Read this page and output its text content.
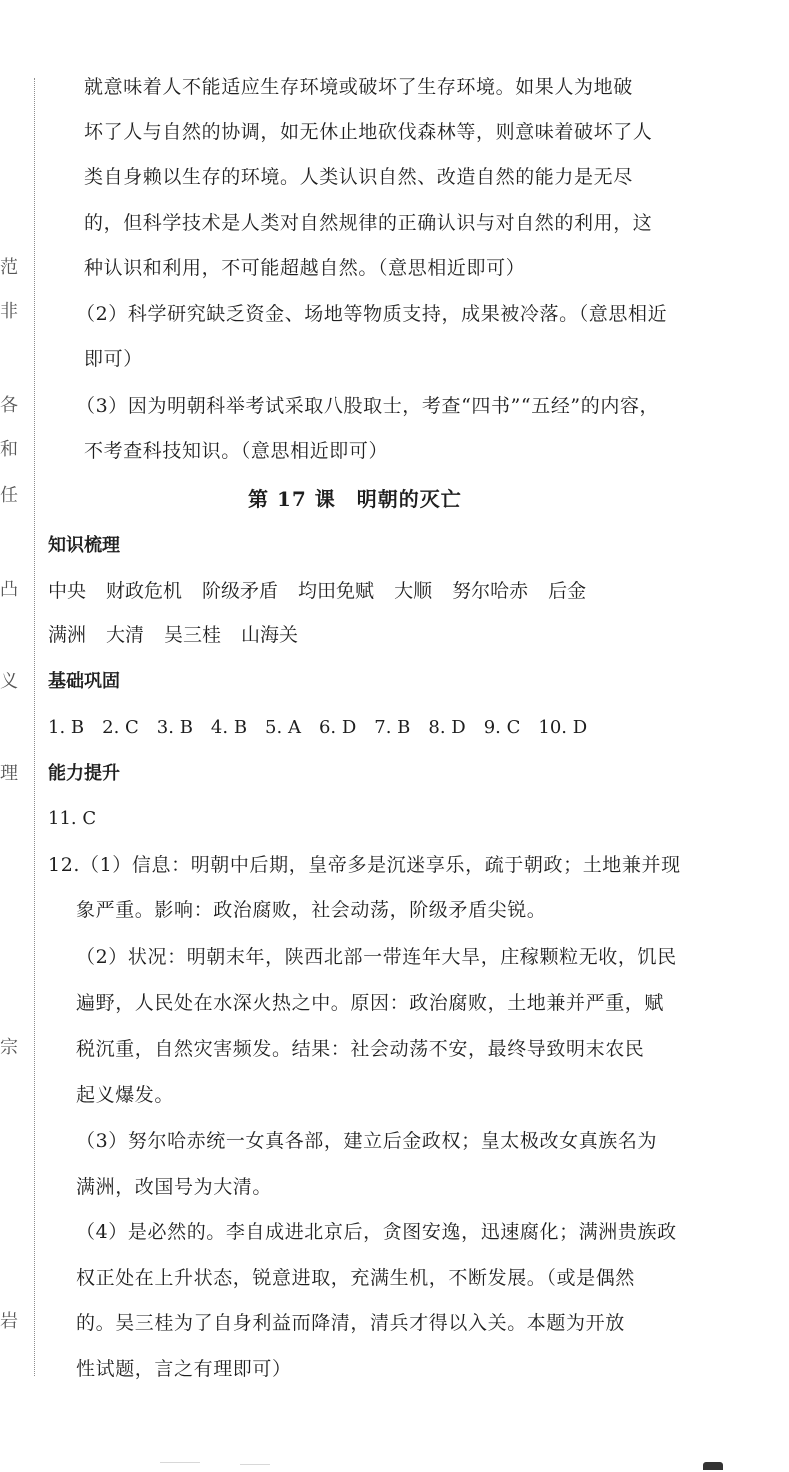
范
非
各
和
任
凸
义
理
宗
岩
就意味着人不能适应生存环境或破坏了生存环境。如果人为地破
坏了人与自然的协调，如无休止地砍伐森林等，则意味着破坏了人
类自身赖以生存的环境。人类认识自然、改造自然的能力是无尽
的，但科学技术是人类对自然规律的正确认识与对自然的利用，这
种认识和利用，不可能超越自然。（意思相近即可）
（2）科学研究缺乏资金、场地等物质支持，成果被冷落。（意思相近
即可）
（3）因为明朝科举考试采取八股取士，考查“四书”“五经”的内容，
不考查科技知识。（意思相近即可）
第 17 课　明朝的灭亡
知识梳理
中央 财政危机 阶级矛盾 均田免赋 大顺 努尔哈赤 后金
满洲 大清 吴三桂 山海关
基础巩固
1. B 2. C 3. B 4. B 5. A 6. D 7. B 8. D 9. C 10. D
能力提升
11. C
12.（1）信息：明朝中后期，皇帝多是沉迷享乐，疏于朝政；土地兼并现
象严重。影响：政治腐败，社会动荡，阶级矛盾尖锐。
（2）状况：明朝末年，陕西北部一带连年大旱，庄稼颗粒无收，饥民
遍野，人民处在水深火热之中。原因：政治腐败，土地兼并严重，赋
税沉重，自然灾害频发。结果：社会动荡不安，最终导致明末农民
起义爆发。
（3）努尔哈赤统一女真各部，建立后金政权；皇太极改女真族名为
满洲，改国号为大清。
（4）是必然的。李自成进北京后，贪图安逸，迅速腐化；满洲贵族政
权正处在上升状态，锐意进取，充满生机，不断发展。（或是偶然
的。吴三桂为了自身利益而降清，清兵才得以入关。本题为开放
性试题，言之有理即可）
